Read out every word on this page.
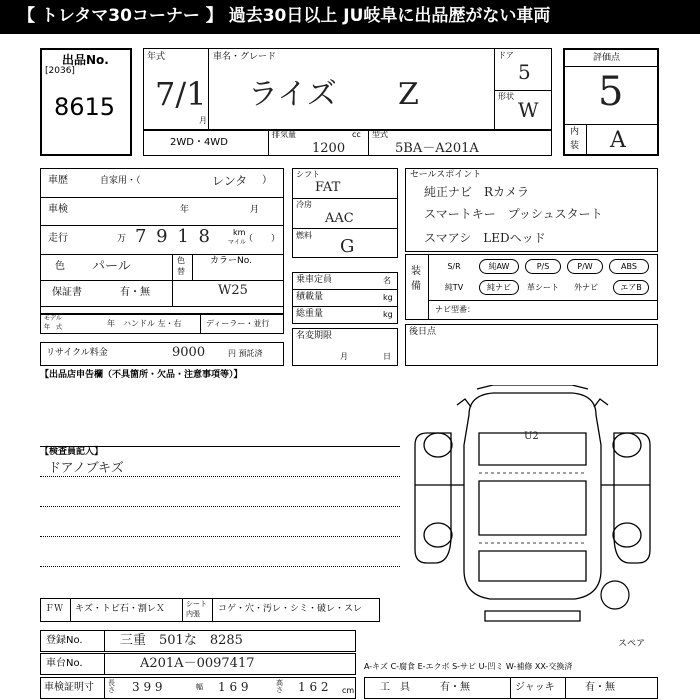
【 トレタマ30コーナー 】 過去30日以上 JU岐阜に出品歴がない車両
出品No.
[2036]
8615
年式
7/1
月
車名・グレード
ライズ Z
ドア
5
形状
W
評価点
5
内
装 A
2WD・4WD
排気量	cc
1200
型式
5BA－A201A
車歴	自家用・（	レンタ ）
車検	年	月
走行	万 7 9 1 8	km
マイル
（　　）
色 パール	色
替
カラーNo.
W25
保証書	有・無
モデル
年　式	年 ハンドル 左・右	ディーラー・並行
リサイクル料金	9000	円 預託済
シフト
FAT
冷房
AAC
燃料
G
乗車定員	名
積載量	kg
総重量	kg
名変期限
月	日
セールスポイント
純正ナビ　Rカメラ
スマートキー　プッシュスタート
スマアシ　LEDヘッド
装
備
S/R	純AW	P/S	P/W	ABS
純TV	純ナビ	革シート	外ナビ	エアB
ナビ型番：
後日点
【出品店申告欄（不具箇所・欠品・注意事項等）】
【検査員記入】
ドアノブキズ
U2
スペア
ＦＷ キズ・トビ石・割レＸ	シート
内張 コゲ・穴・汚レ・シミ・破レ・スレ
登録No.	三重　501な　8285
車台No.	A201A－0097417	A-キズ C-腐食 E-エクボ S-サビ U-凹ミ W-補修 XX-交換済
車検証明寸 長さ 3 9 9	幅 1 6 9	高さ 1 6 2 cm	工　具	有・無	ジャッキ	有・無
